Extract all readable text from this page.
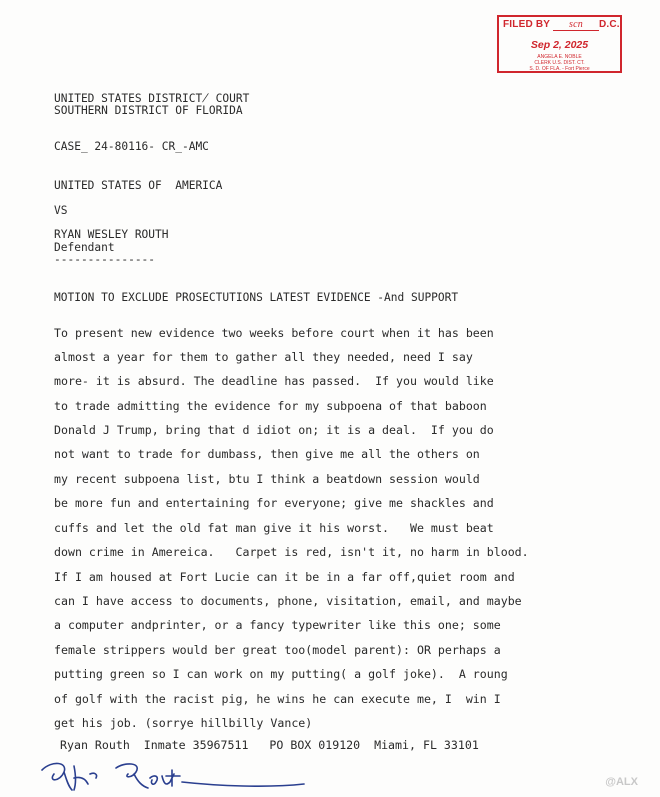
FILED BY scn D.C.
Sep 2, 2025
ANGELA E. NOBLE
CLERK U.S. DIST. CT.
S. D. OF FLA. - Fort Pierce
UNITED STATES DISTRICT̸ COURT
SOUTHERN DISTRICT OF FLORIDA
CASE_ 24-80116- CR_-AMC
UNITED STATES OF  AMERICA
VS
RYAN WESLEY ROUTH
Defendant
---------------
MOTION TO EXCLUDE PROSECTUTIONS LATEST EVIDENCE -And SUPPORT
To present new evidence two weeks before court when it has been
almost a year for them to gather all they needed, need I say
more- it is absurd. The deadline has passed.  If you would like
to trade admitting the evidence for my subpoena of that baboon
Donald J Trump, bring that d idiot on; it is a deal.  If you do
not want to trade for dumbass, then give me all the others on
my recent subpoena list, btu I think a beatdown session would
be more fun and entertaining for everyone; give me shackles and
cuffs and let the old fat man give it his worst.   We must beat
down crime in Amereica.   Carpet is red, isn't it, no harm in blood.
If I am housed at Fort Lucie can it be in a far off,quiet room and
can I have access to documents, phone, visitation, email, and maybe
a computer andprinter, or a fancy typewriter like this one; some
female strippers would ber great too(model parent): OR perhaps a
putting green so I can work on my putting( a golf joke).  A roung
of golf with the racist pig, he wins he can execute me, I  win I
get his job. (sorrye hillbilly Vance)
Ryan Routh  Inmate 35967511   PO BOX 019120  Miami, FL 33101
@ALX
